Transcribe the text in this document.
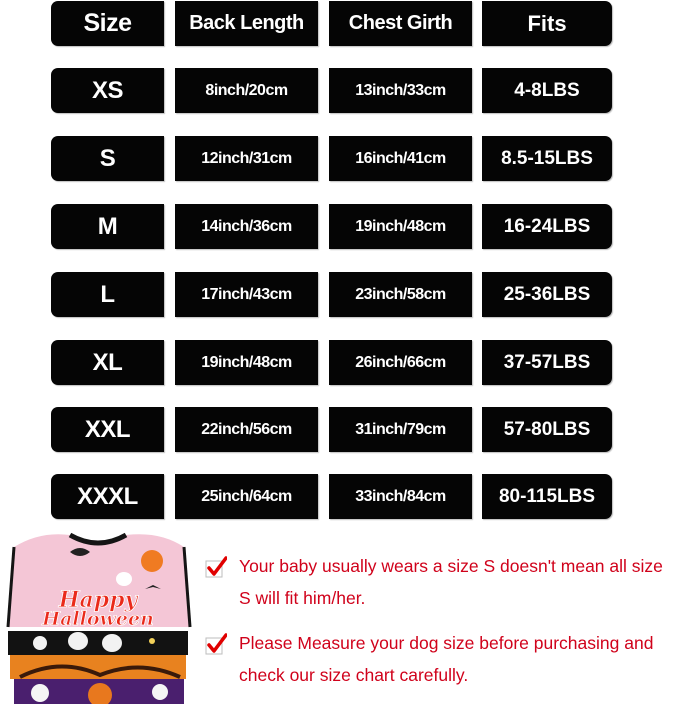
Size	Back Length	Chest Girth	Fits
XS	8inch/20cm	13inch/33cm	4-8LBS
S	12inch/31cm	16inch/41cm	8.5-15LBS
M	14inch/36cm	19inch/48cm	16-24LBS
L	17inch/43cm	23inch/58cm	25-36LBS
XL	19inch/48cm	26inch/66cm	37-57LBS
XXL	22inch/56cm	31inch/79cm	57-80LBS
XXXL	25inch/64cm	33inch/84cm	80-115LBS
Happy
Halloween
Your baby usually wears a size S doesn't mean all size S will fit him/her.
Please Measure your dog size before purchasing and check our size chart carefully.
